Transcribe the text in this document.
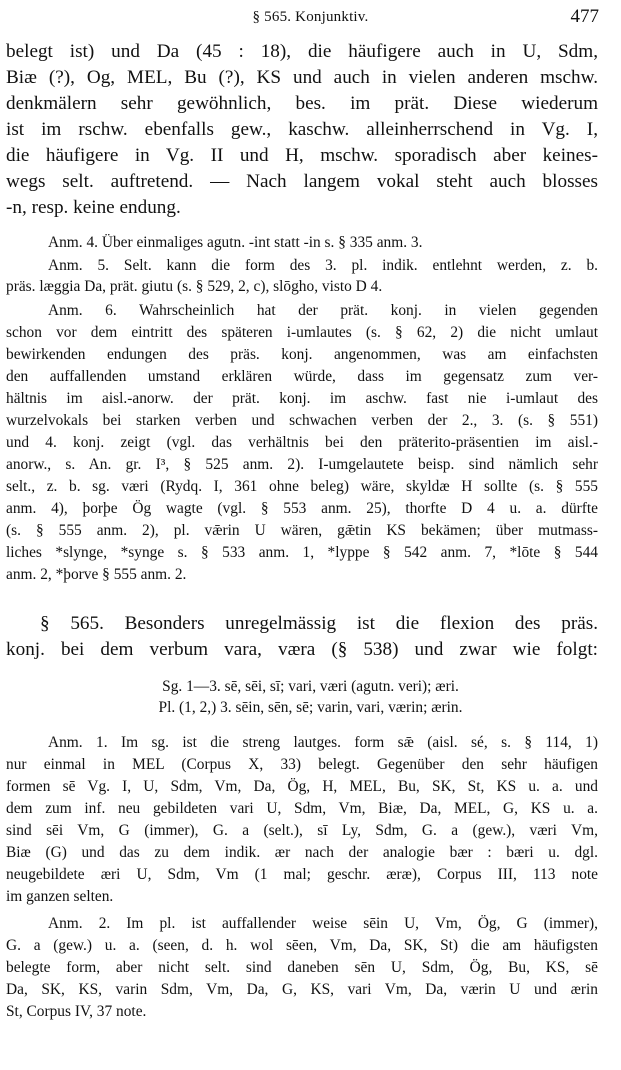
§ 565. Konjunktiv.	477
belegt ist) und Da (45 : 18), die häufigere auch in U, Sdm,
Biæ (?), Og, MEL, Bu (?), KS und auch in vielen anderen mschw.
denkmälern sehr gewöhnlich, bes. im prät. Diese wiederum
ist im rschw. ebenfalls gew., kaschw. alleinherrschend in Vg. I,
die häufigere in Vg. II und H, mschw. sporadisch aber keines-
wegs selt. auftretend. — Nach langem vokal steht auch blosses
-n, resp. keine endung.
Anm. 4. Über einmaliges agutn. -int statt -in s. § 335 anm. 3.
Anm. 5. Selt. kann die form des 3. pl. indik. entlehnt werden, z. b.
präs. læggia Da, prät. giutu (s. § 529, 2, c), slōgho, visto D 4.
Anm. 6. Wahrscheinlich hat der prät. konj. in vielen gegenden
schon vor dem eintritt des späteren i-umlautes (s. § 62, 2) die nicht umlaut
bewirkenden endungen des präs. konj. angenommen, was am einfachsten
den auffallenden umstand erklären würde, dass im gegensatz zum ver-
hältnis im aisl.-anorw. der prät. konj. im aschw. fast nie i-umlaut des
wurzelvokals bei starken verben und schwachen verben der 2., 3. (s. § 551)
und 4. konj. zeigt (vgl. das verhältnis bei den präterito-präsentien im aisl.-
anorw., s. An. gr. I³, § 525 anm. 2). I-umgelautete beisp. sind nämlich sehr
selt., z. b. sg. væri (Rydq. I, 361 ohne beleg) wäre, skyldæ H sollte (s. § 555
anm. 4), þorþe Ög wagte (vgl. § 553 anm. 25), thorfte D 4 u. a. dürfte
(s. § 555 anm. 2), pl. vǣrin U wären, gǣtin KS bekämen; über mutmass-
liches *slynge, *synge s. § 533 anm. 1, *lyppe § 542 anm. 7, *lōte § 544
anm. 2, *þorve § 555 anm. 2.
§ 565. Besonders unregelmässig ist die flexion des präs.
konj. bei dem verbum vara, væra (§ 538) und zwar wie folgt:
Sg. 1—3. sē, sēi, sī; vari, væri (agutn. veri); æri.
Pl. (1, 2,) 3. sēin, sēn, sē; varin, vari, værin; ærin.
Anm. 1. Im sg. ist die streng lautges. form sǣ (aisl. sé, s. § 114, 1)
nur einmal in MEL (Corpus X, 33) belegt. Gegenüber den sehr häufigen
formen sē Vg. I, U, Sdm, Vm, Da, Ög, H, MEL, Bu, SK, St, KS u. a. und
dem zum inf. neu gebildeten vari U, Sdm, Vm, Biæ, Da, MEL, G, KS u. a.
sind sēi Vm, G (immer), G. a (selt.), sī Ly, Sdm, G. a (gew.), væri Vm,
Biæ (G) und das zu dem indik. ær nach der analogie bær : bæri u. dgl.
neugebildete æri U, Sdm, Vm (1 mal; geschr. æræ), Corpus III, 113 note
im ganzen selten.
Anm. 2. Im pl. ist auffallender weise sēin U, Vm, Ög, G (immer),
G. a (gew.) u. a. (seen, d. h. wol sēen, Vm, Da, SK, St) die am häufigsten
belegte form, aber nicht selt. sind daneben sēn U, Sdm, Ög, Bu, KS, sē
Da, SK, KS, varin Sdm, Vm, Da, G, KS, vari Vm, Da, værin U und ærin
St, Corpus IV, 37 note.
